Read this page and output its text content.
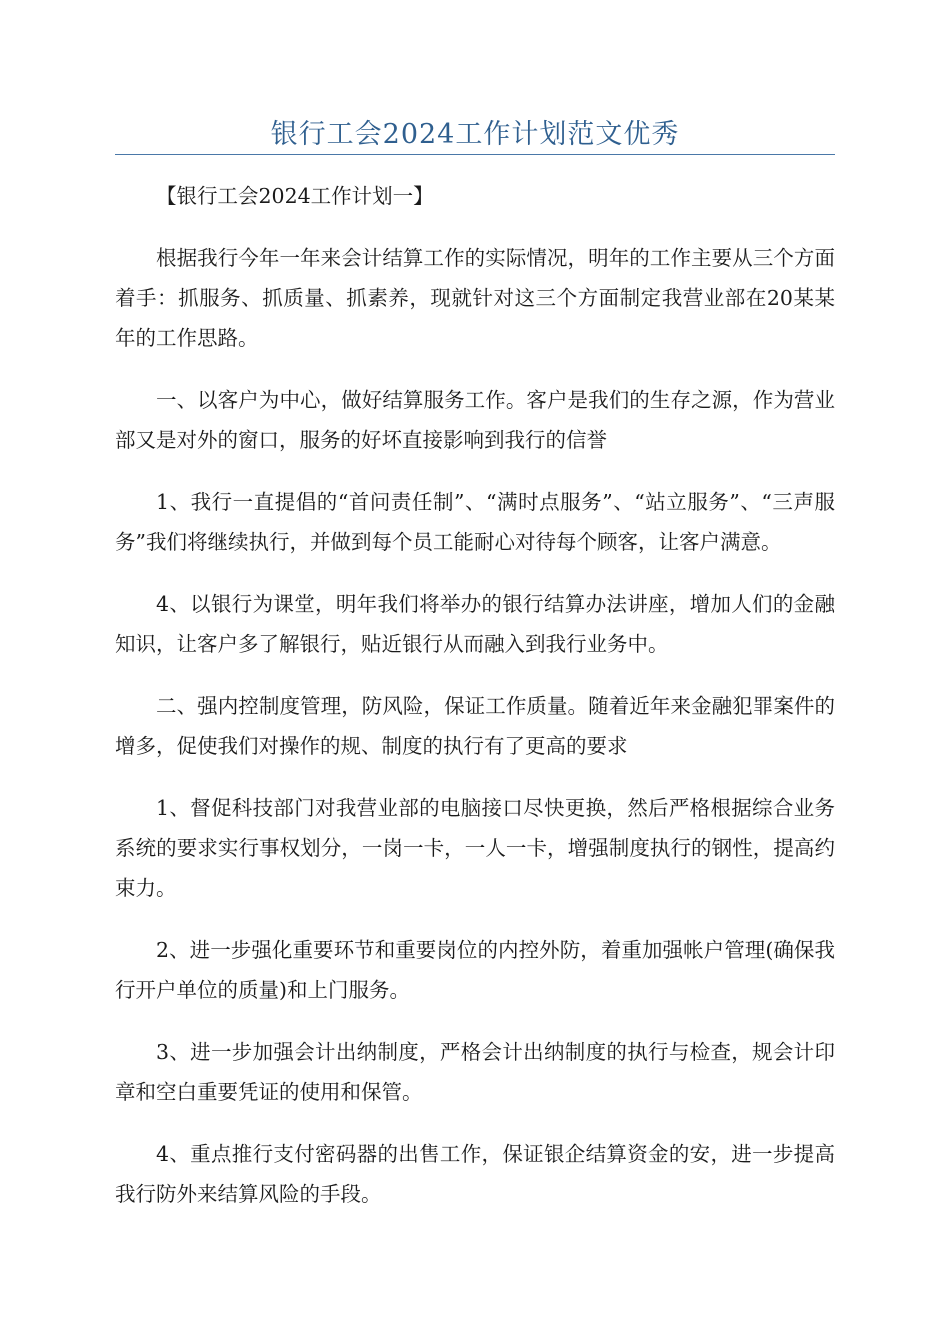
银行工会2024工作计划范文优秀

【银行工会2024工作计划一】

根据我行今年一年来会计结算工作的实际情况，明年的工作主要从三个方面着手：抓服务、抓质量、抓素养，现就针对这三个方面制定我营业部在20某某年的工作思路。

一、以客户为中心，做好结算服务工作。客户是我们的生存之源，作为营业部又是对外的窗口，服务的好坏直接影响到我行的信誉

1、我行一直提倡的“首问责任制”、“满时点服务”、“站立服务”、“三声服务”我们将继续执行，并做到每个员工能耐心对待每个顾客，让客户满意。

4、以银行为课堂，明年我们将举办的银行结算办法讲座，增加人们的金融知识，让客户多了解银行，贴近银行从而融入到我行业务中。

二、强内控制度管理，防风险，保证工作质量。随着近年来金融犯罪案件的增多，促使我们对操作的规、制度的执行有了更高的要求

1、督促科技部门对我营业部的电脑接口尽快更换，然后严格根据综合业务系统的要求实行事权划分，一岗一卡，一人一卡，增强制度执行的钢性，提高约束力。

2、进一步强化重要环节和重要岗位的内控外防，着重加强帐户管理(确保我行开户单位的质量)和上门服务。

3、进一步加强会计出纳制度，严格会计出纳制度的执行与检查，规会计印章和空白重要凭证的使用和保管。

4、重点推行支付密码器的出售工作，保证银企结算资金的安，进一步提高我行防外来结算风险的手段。
